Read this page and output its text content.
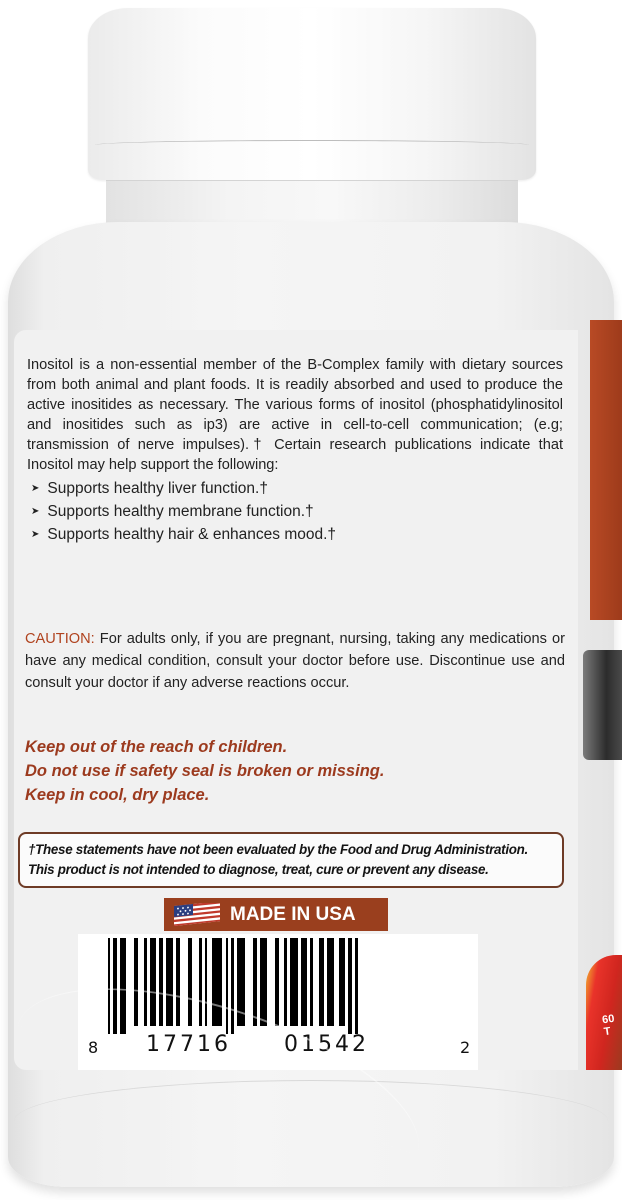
60 T

Inositol is a non-essential member of the B-Complex family with dietary sources from both animal and plant foods. It is readily absorbed and used to produce the active inositides as necessary. The various forms of inositol (phosphatidylinositol and inositides such as ip3) are active in cell-to-cell communication; (e.g; transmission of nerve impulses).† Certain research publications indicate that Inositol may help support the following:

➤ Supports healthy liver function.†
➤ Supports healthy membrane function.†
➤ Supports healthy hair & enhances mood.†
CAUTION: For adults only, if you are pregnant, nursing, taking any medications or have any medical condition, consult your doctor before use. Discontinue use and consult your doctor if any adverse reactions occur.
Keep out of the reach of children.
Do not use if safety seal is broken or missing.
Keep in cool, dry place.
†These statements have not been evaluated by the Food and Drug Administration.
This product is not intended to diagnose, treat, cure or prevent any disease.
MADE IN USA
8 17716 01542	2
